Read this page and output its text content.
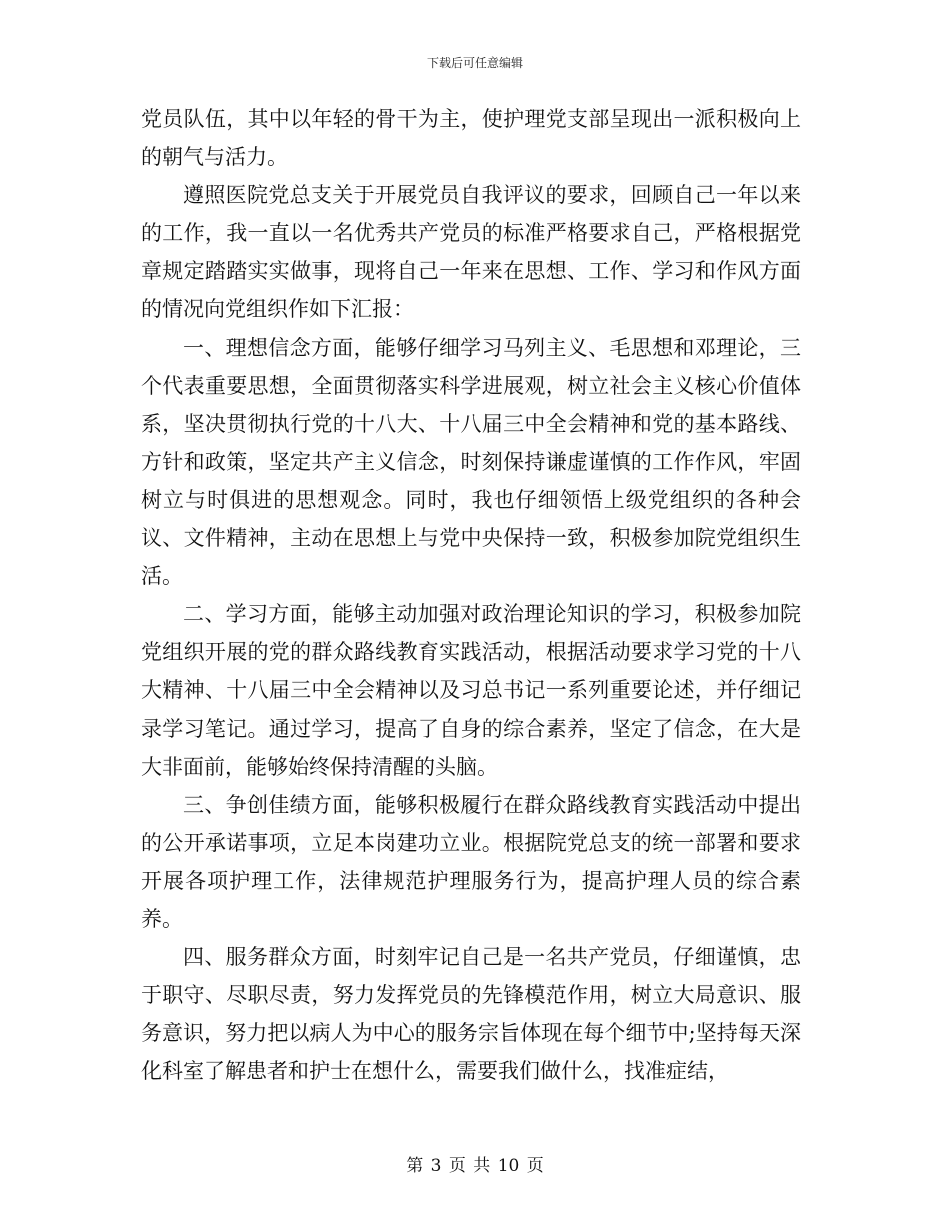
下载后可任意编辑

党员队伍，其中以年轻的骨干为主，使护理党支部呈现出一派积极向上的朝气与活力。

遵照医院党总支关于开展党员自我评议的要求，回顾自己一年以来的工作，我一直以一名优秀共产党员的标准严格要求自己，严格根据党章规定踏踏实实做事，现将自己一年来在思想、工作、学习和作风方面的情况向党组织作如下汇报：

一、理想信念方面，能够仔细学习马列主义、毛思想和邓理论，三个代表重要思想，全面贯彻落实科学进展观，树立社会主义核心价值体系，坚决贯彻执行党的十八大、十八届三中全会精神和党的基本路线、方针和政策，坚定共产主义信念，时刻保持谦虚谨慎的工作作风，牢固树立与时俱进的思想观念。同时，我也仔细领悟上级党组织的各种会议、文件精神，主动在思想上与党中央保持一致，积极参加院党组织生活。

二、学习方面，能够主动加强对政治理论知识的学习，积极参加院党组织开展的党的群众路线教育实践活动，根据活动要求学习党的十八大精神、十八届三中全会精神以及习总书记一系列重要论述，并仔细记录学习笔记。通过学习，提高了自身的综合素养，坚定了信念，在大是大非面前，能够始终保持清醒的头脑。

三、争创佳绩方面，能够积极履行在群众路线教育实践活动中提出的公开承诺事项，立足本岗建功立业。根据院党总支的统一部署和要求开展各项护理工作，法律规范护理服务行为，提高护理人员的综合素养。

四、服务群众方面，时刻牢记自己是一名共产党员，仔细谨慎，忠于职守、尽职尽责，努力发挥党员的先锋模范作用，树立大局意识、服务意识，努力把以病人为中心的服务宗旨体现在每个细节中;坚持每天深化科室了解患者和护士在想什么，需要我们做什么，找准症结，

第 3 页 共 10 页
